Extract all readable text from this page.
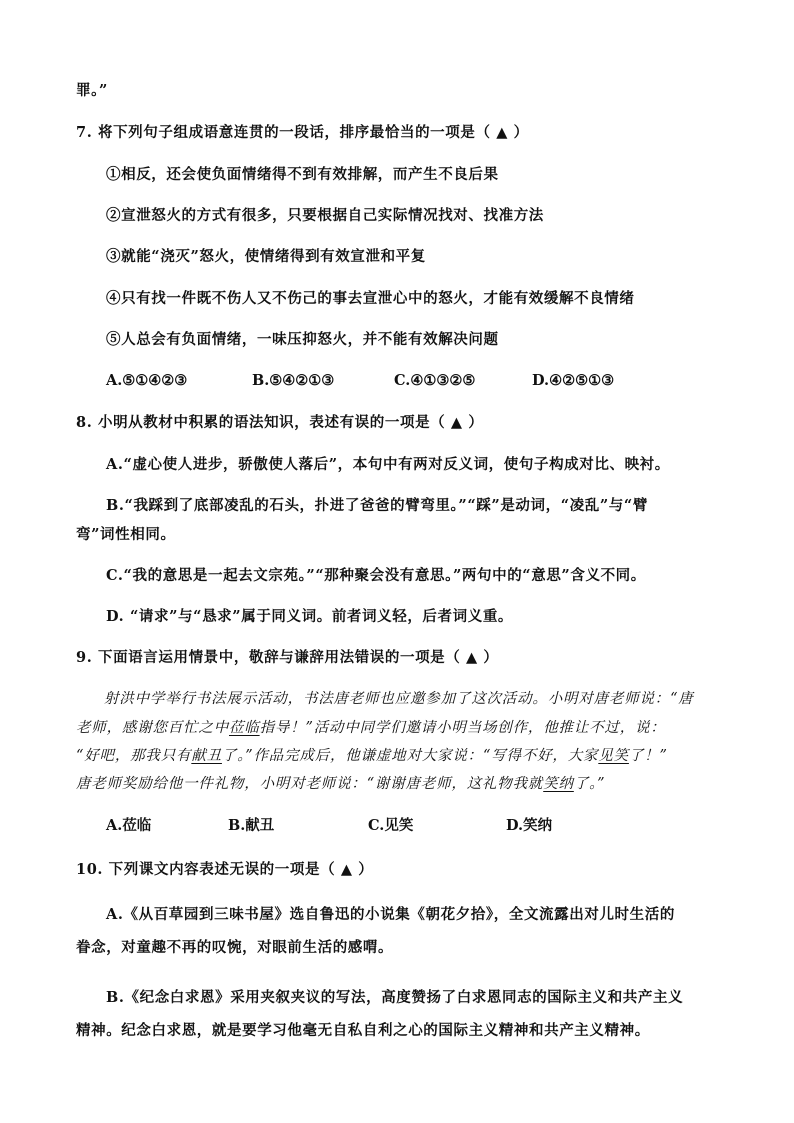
罪。”
7. 将下列句子组成语意连贯的一段话，排序最恰当的一项是（ ▲ ）
①相反，还会使负面情绪得不到有效排解，而产生不良后果
②宣泄怒火的方式有很多，只要根据自己实际情况找对、找准方法
③就能“浇灭”怒火，使情绪得到有效宣泄和平复
④只有找一件既不伤人又不伤己的事去宣泄心中的怒火，才能有效缓解不良情绪
⑤人总会有负面情绪，一味压抑怒火，并不能有效解决问题
A.⑤①④②③	B.⑤④②①③	C.④①③②⑤	D.④②⑤①③
8. 小明从教材中积累的语法知识，表述有误的一项是（ ▲ ）
A.“虚心使人进步，骄傲使人落后”，本句中有两对反义词，使句子构成对比、映衬。
B.“我踩到了底部凌乱的石头，扑进了爸爸的臂弯里。”“踩”是动词，“凌乱”与“臂
弯”词性相同。
C.“我的意思是一起去文宗苑。”“那种聚会没有意思。”两句中的“意思”含义不同。
D. “请求”与“恳求”属于同义词。前者词义轻，后者词义重。
9. 下面语言运用情景中，敬辞与谦辞用法错误的一项是（ ▲ ）
射洪中学举行书法展示活动，书法唐老师也应邀参加了这次活动。小明对唐老师说：“唐
老师，感谢您百忙之中莅临指导！”活动中同学们邀请小明当场创作，他推让不过，说：
“好吧，那我只有献丑了。”作品完成后，他谦虚地对大家说：“写得不好，大家见笑了！”
唐老师奖励给他一件礼物，小明对老师说：“谢谢唐老师，这礼物我就笑纳了。”
A.莅临	B.献丑	C.见笑	D.笑纳
10. 下列课文内容表述无误的一项是（ ▲ ）
A.《从百草园到三味书屋》选自鲁迅的小说集《朝花夕拾》，全文流露出对儿时生活的
眷念，对童趣不再的叹惋，对眼前生活的感喟。
B.《纪念白求恩》采用夹叙夹议的写法，高度赞扬了白求恩同志的国际主义和共产主义
精神。纪念白求恩，就是要学习他毫无自私自利之心的国际主义精神和共产主义精神。
